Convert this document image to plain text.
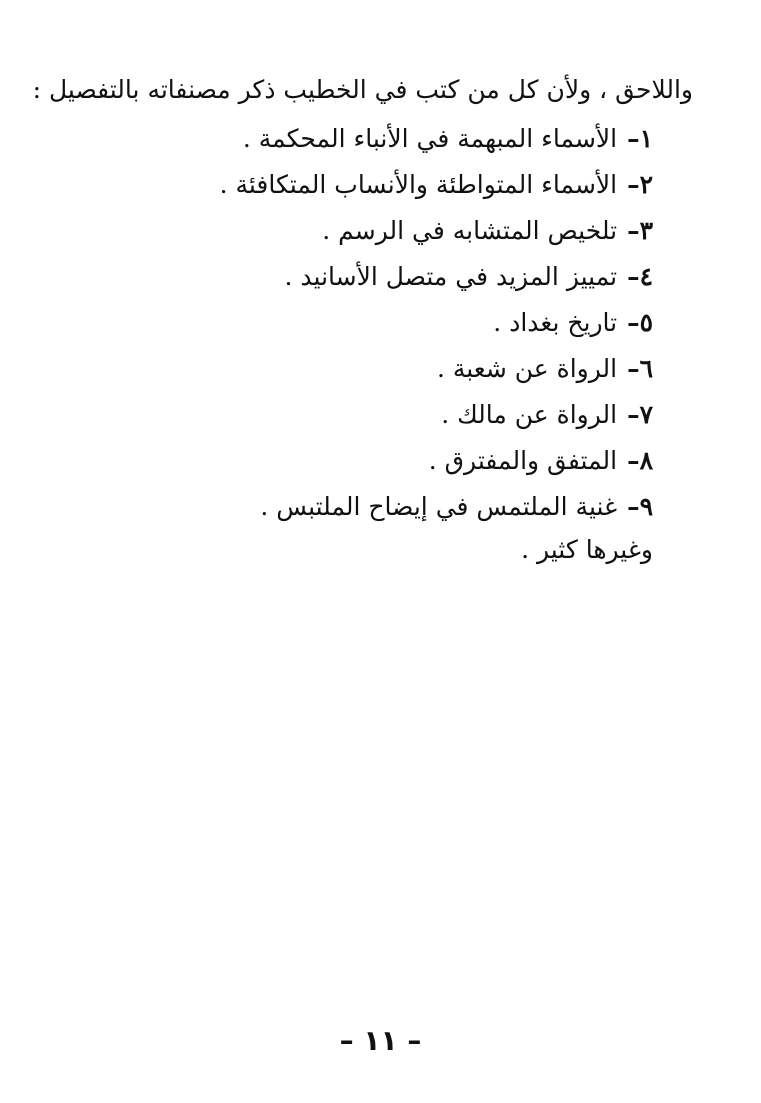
واللاحق ، ولأن كل من كتب في الخطيب ذكر مصنفاته بالتفصيل :
١– الأسماء المبهمة في الأنباء المحكمة .
٢– الأسماء المتواطئة والأنساب المتكافئة .
٣– تلخيص المتشابه في الرسم .
٤– تمييز المزيد في متصل الأسانيد .
٥– تاريخ بغداد .
٦– الرواة عن شعبة .
٧– الرواة عن مالك .
٨– المتفق والمفترق .
٩– غنية الملتمس في إيضاح الملتبس .
وغيرها كثير .
– ١١ –
